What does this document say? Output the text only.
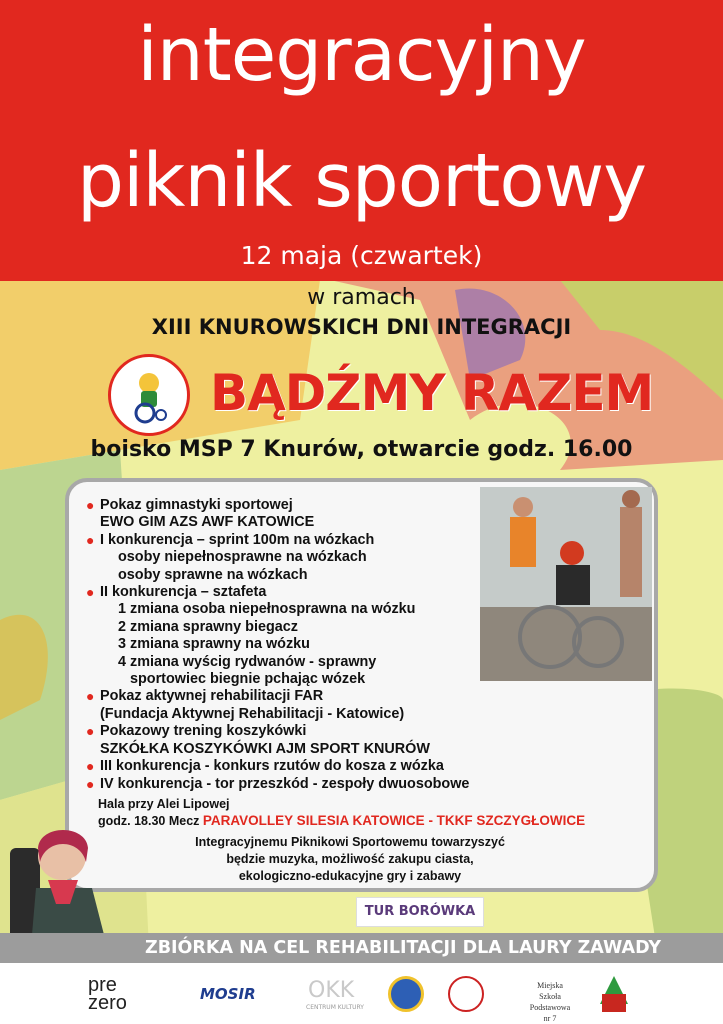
integracyjny
piknik sportowy
12 maja (czwartek)
w ramach
XIII KNUROWSKICH DNI INTEGRACJI
BĄDŹMY RAZEM
boisko MSP 7 Knurów, otwarcie godz. 16.00
● Pokaz gimnastyki sportowej
EWO GIM AZS AWF KATOWICE
● I konkurencja – sprint 100m na wózkach
osoby niepełnosprawne na wózkach
osoby sprawne na wózkach
● II konkurencja – sztafeta
1 zmiana osoba niepełnosprawna na wózku
2 zmiana sprawny biegacz
3 zmiana sprawny na wózku
4 zmiana wyścig rydwanów - sprawny
sportowiec biegnie pchając wózek
● Pokaz aktywnej rehabilitacji FAR
(Fundacja Aktywnej Rehabilitacji - Katowice)
● Pokazowy trening koszykówki
SZKÓŁKA KOSZYKÓWKI AJM SPORT KNURÓW
● III konkurencja - konkurs rzutów do kosza z wózka
● IV konkurencja - tor przeszkód - zespoły dwuosobowe
Hala przy Alei Lipowej
godz. 18.30 Mecz PARAVOLLEY SILESIA KATOWICE - TKKF SZCZYGŁOWICE
Integracyjnemu Piknikowi Sportowemu towarzyszyć
będzie muzyka, możliwość zakupu ciasta,
ekologiczno-edukacyjne gry i zabawy
TUR BORÓWKA
ZBIÓRKA NA CEL REHABILITACJI DLA LAURY ZAWADY
pre
zero	MOSIR OKK
CENTRUM KULTURY
Miejska
Szkoła Podstawowa
nr 7
